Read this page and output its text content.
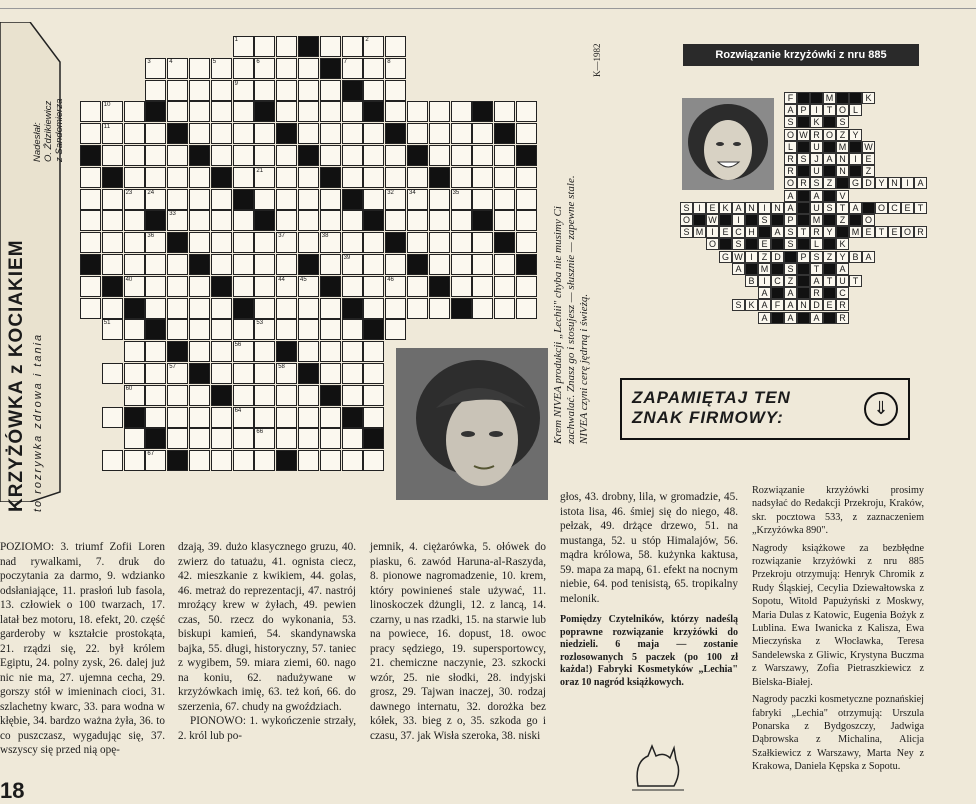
KRZYŻÓWKA z KOCIAKIEM to rozrywka zdrowa i tania
Nadesłał:
O. Ździkiewicz
z Sandomierza
1	2
3	4	5	6	7	8
9
10
11
21
23	24	32	34	35
33
36	37	38
39
40	44	45	46
51	53
56
57	58
60
64
66
67
Krem NIVEA produkcji „Lechii" chyba nie musimy Ci zachwalać. Znasz go i stosujesz — słusznie — zapewne stale. NIVEA czyni cerę jędrną i świeżą.
K—1982	Rozwiązanie krzyżówki z nru 885
F	M	K
A P I	T O L
S	K	S
O W R O Z Y
L	U	M	W
R S J A N I E
R	U	N	Z
O R S Z	G D Y N I A
A	A	V
S I E K A N I N A	U S T A	O C E T
O	W	I	S	P	M	Z	O
S M I E C H	A S T R Y	M E T E O R
O	S	E	S	L	K
G W I	Z D	P S Z Y B A
A	M	S	T	A
B I C Z	A T U T
A	A	R	C
S K A F A N D E R
A	A	A	R
ZAPAMIĘTAJ TEN
ZNAK FIRMOWY:	⇓
POZIOMO: 3. triumf Zofii Loren nad rywalkami, 7. druk do poczytania za darmo, 9. wdzianko odsłaniające, 11. prasłoń lub fasola, 13. człowiek o 100 twarzach, 17. latał bez motoru, 18. efekt, 20. część garderoby w kształcie prostokąta, 21. rządzi się, 22. był królem Egiptu, 24. polny zysk, 26. dalej już nic nie ma, 27. ujemna cecha, 29. gorszy stół w imieninach cioci, 31. szlachetny kwarc, 33. para wodna w kłębie, 34. bardzo ważna żyła, 36. to co puszczasz, wygadując się, 37. wszyscy się przed nią opę-
dzają, 39. dużo klasycznego gruzu, 40. zwierz do tatuażu, 41. ognista ciecz, 42. mieszkanie z kwikiem, 44. golas, 46. metraż do reprezentacji, 47. nastrój mroźący krew w żyłach, 49. pewien czas, 50. rzecz do wykonania, 53. biskupi kamień, 54. skandynawska bajka, 55. długi, historyczny, 57. taniec z wygibem, 59. miara ziemi, 60. nago na koniu, 62. nadużywane w krzyżówkach imię, 63. też koń, 66. do szerzenia, 67. chudy na gwoździach.
PIONOWO: 1. wykończenie strzały, 2. król lub po-
jemnik, 4. ciężarówka, 5. ołówek do piasku, 6. zawód Haruna-al-Raszyda, 8. pionowe nagromadzenie, 10. krem, który powinieneś stale używać, 11. linoskoczek dżungli, 12. z lancą, 14. czarny, u nas rzadki, 15. na starwie lub na powiece, 16. dopust, 18. owoc pracy sędziego, 19. supersportowcy, 21. chemiczne naczynie, 23. szkocki wzór, 25. nie słodki, 28. indyjski grosz, 29. Tajwan inaczej, 30. rodzaj dawnego internatu, 32. dorożka bez kółek, 33. bieg z o, 35. szkoda go i czasu, 37. jak Wisła szeroka, 38. niski
głos, 43. drobny, lila, w gromadzie, 45. istota lisa, 46. śmiej się do niego, 48. pełzak, 49. drżące drzewo, 51. na mustanga, 52. u stóp Himalajów, 56. mądra królowa, 58. kużynka kaktusa, 59. mapa za mapą, 61. efekt na nocnym niebie, 64. pod tenisistą, 65. tropikalny melonik.
Pomiędzy Czytelników, którzy nadeślą poprawne rozwiązanie krzyżówki do niedzieli. 6 maja — zostanie rozlosowanych 5 paczek (po 100 zł każda!) Fabryki Kosmetyków „Lechia" oraz 10 nagród książkowych.
Rozwiązanie krzyżówki prosimy nadsyłać do Redakcji Przekroju, Kraków, skr. pocztowa 533, z zaznaczeniem „Krzyżówka 890".
Nagrody książkowe za bezbłędne rozwiązanie krzyżówki z nru 885 Przekroju otrzymują: Henryk Chromik z Rudy Śląskiej, Cecylia Dziewałtowska z Sopotu, Witold Papużyński z Moskwy, Maria Dulas z Katowic, Eugenia Bożyk z Lublina. Ewa Iwanicka z Kalisza, Ewa Mieczyńska z Włocławka, Teresa Sandelewska z Gliwic, Krystyna Buczma z Warszawy, Zofia Pietraszkiewicz z Bielska-Białej.
Nagrody paczki kosmetyczne poznańskiej fabryki „Lechia" otrzymują: Urszula Ponarska z Bydgoszczy, Jadwiga Dąbrowska z Michalina, Alicja Szałkiewicz z Warszawy, Marta Ney z Krakowa, Daniela Kępska z Sopotu.
18
